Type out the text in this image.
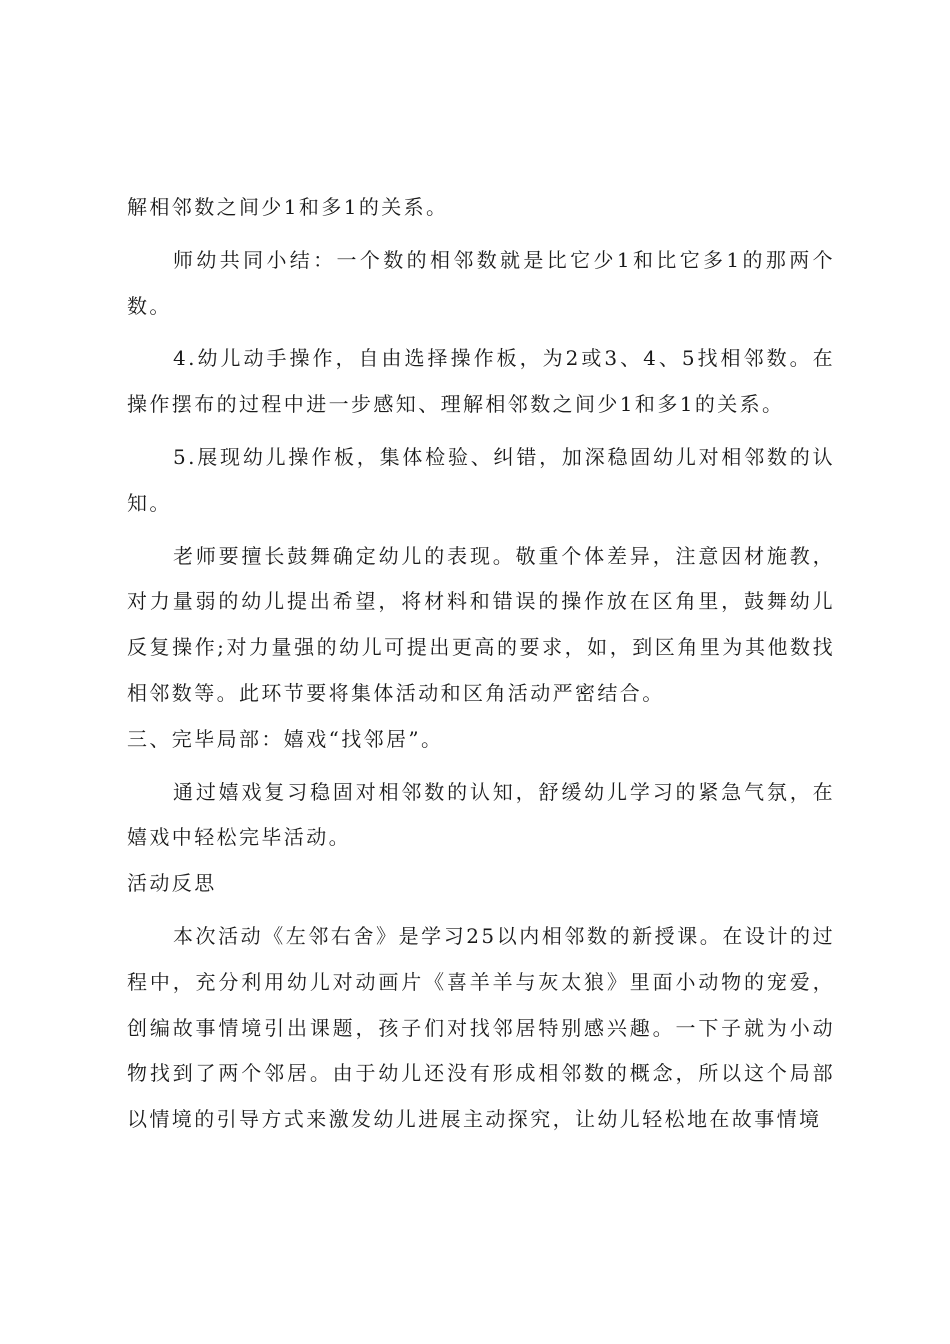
解相邻数之间少1和多1的关系。

师幼共同小结：一个数的相邻数就是比它少1和比它多1的那两个数。

4.幼儿动手操作，自由选择操作板，为2或3、4、5找相邻数。在操作摆布的过程中进一步感知、理解相邻数之间少1和多1的关系。

5.展现幼儿操作板，集体检验、纠错，加深稳固幼儿对相邻数的认知。

老师要擅长鼓舞确定幼儿的表现。敬重个体差异，注意因材施教，对力量弱的幼儿提出希望，将材料和错误的操作放在区角里，鼓舞幼儿反复操作;对力量强的幼儿可提出更高的要求，如，到区角里为其他数找相邻数等。此环节要将集体活动和区角活动严密结合。

三、完毕局部：嬉戏“找邻居”。

通过嬉戏复习稳固对相邻数的认知，舒缓幼儿学习的紧急气氛，在嬉戏中轻松完毕活动。

活动反思

本次活动《左邻右舍》是学习25以内相邻数的新授课。在设计的过程中，充分利用幼儿对动画片《喜羊羊与灰太狼》里面小动物的宠爱，创编故事情境引出课题，孩子们对找邻居特别感兴趣。一下子就为小动物找到了两个邻居。由于幼儿还没有形成相邻数的概念，所以这个局部以情境的引导方式来激发幼儿进展主动探究，让幼儿轻松地在故事情境
